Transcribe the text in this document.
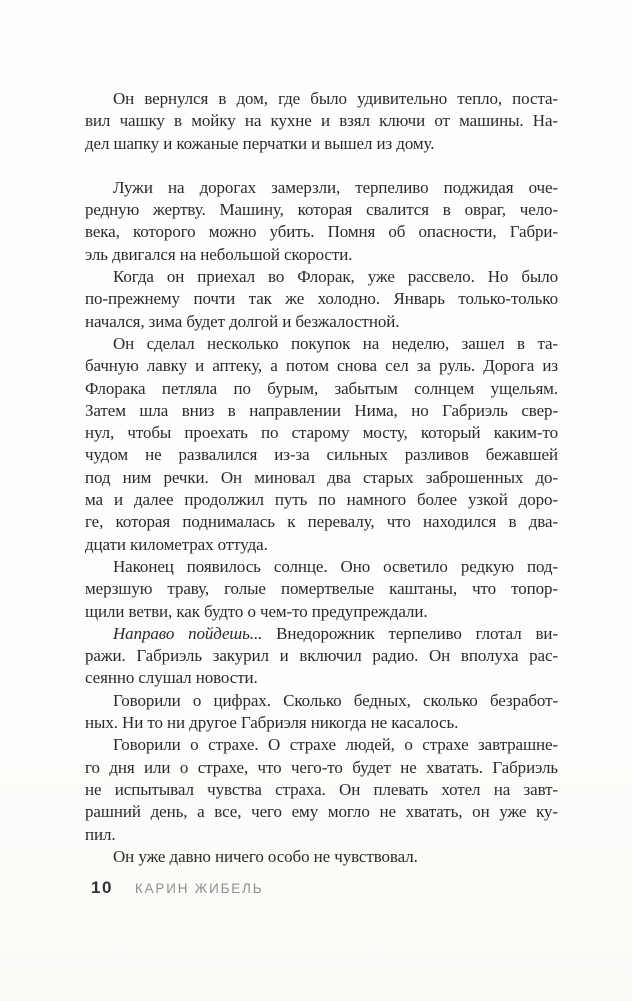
Он вернулся в дом, где было удивительно тепло, поста-
вил чашку в мойку на кухне и взял ключи от машины. На-
дел шапку и кожаные перчатки и вышел из дому.
Лужи на дорогах замерзли, терпеливо поджидая оче-
редную жертву. Машину, которая свалится в овраг, чело-
века, которого можно убить. Помня об опасности, Габри-
эль двигался на небольшой скорости.
Когда он приехал во Флорак, уже рассвело. Но было
по-прежнему почти так же холодно. Январь только-только
начался, зима будет долгой и безжалостной.
Он сделал несколько покупок на неделю, зашел в та-
бачную лавку и аптеку, а потом снова сел за руль. Дорога из
Флорака петляла по бурым, забытым солнцем ущельям.
Затем шла вниз в направлении Нима, но Габриэль свер-
нул, чтобы проехать по старому мосту, который каким-то
чудом не развалился из-за сильных разливов бежавшей
под ним речки. Он миновал два старых заброшенных до-
ма и далее продолжил путь по намного более узкой доро-
ге, которая поднималась к перевалу, что находился в два-
дцати километрах оттуда.
Наконец появилось солнце. Оно осветило редкую под-
мерзшую траву, голые помертвелые каштаны, что топор-
щили ветви, как будто о чем-то предупреждали.
Направо пойдешь... Внедорожник терпеливо глотал ви-
ражи. Габриэль закурил и включил радио. Он вполуха рас-
сеянно слушал новости.
Говорили о цифрах. Сколько бедных, сколько безработ-
ных. Ни то ни другое Габриэля никогда не касалось.
Говорили о страхе. О страхе людей, о страхе завтрашне-
го дня или о страхе, что чего-то будет не хватать. Габриэль
не испытывал чувства страха. Он плевать хотел на завт-
рашний день, а все, чего ему могло не хватать, он уже ку-
пил.
Он уже давно ничего особо не чувствовал.
10 КАРИН ЖИБЕЛЬ
